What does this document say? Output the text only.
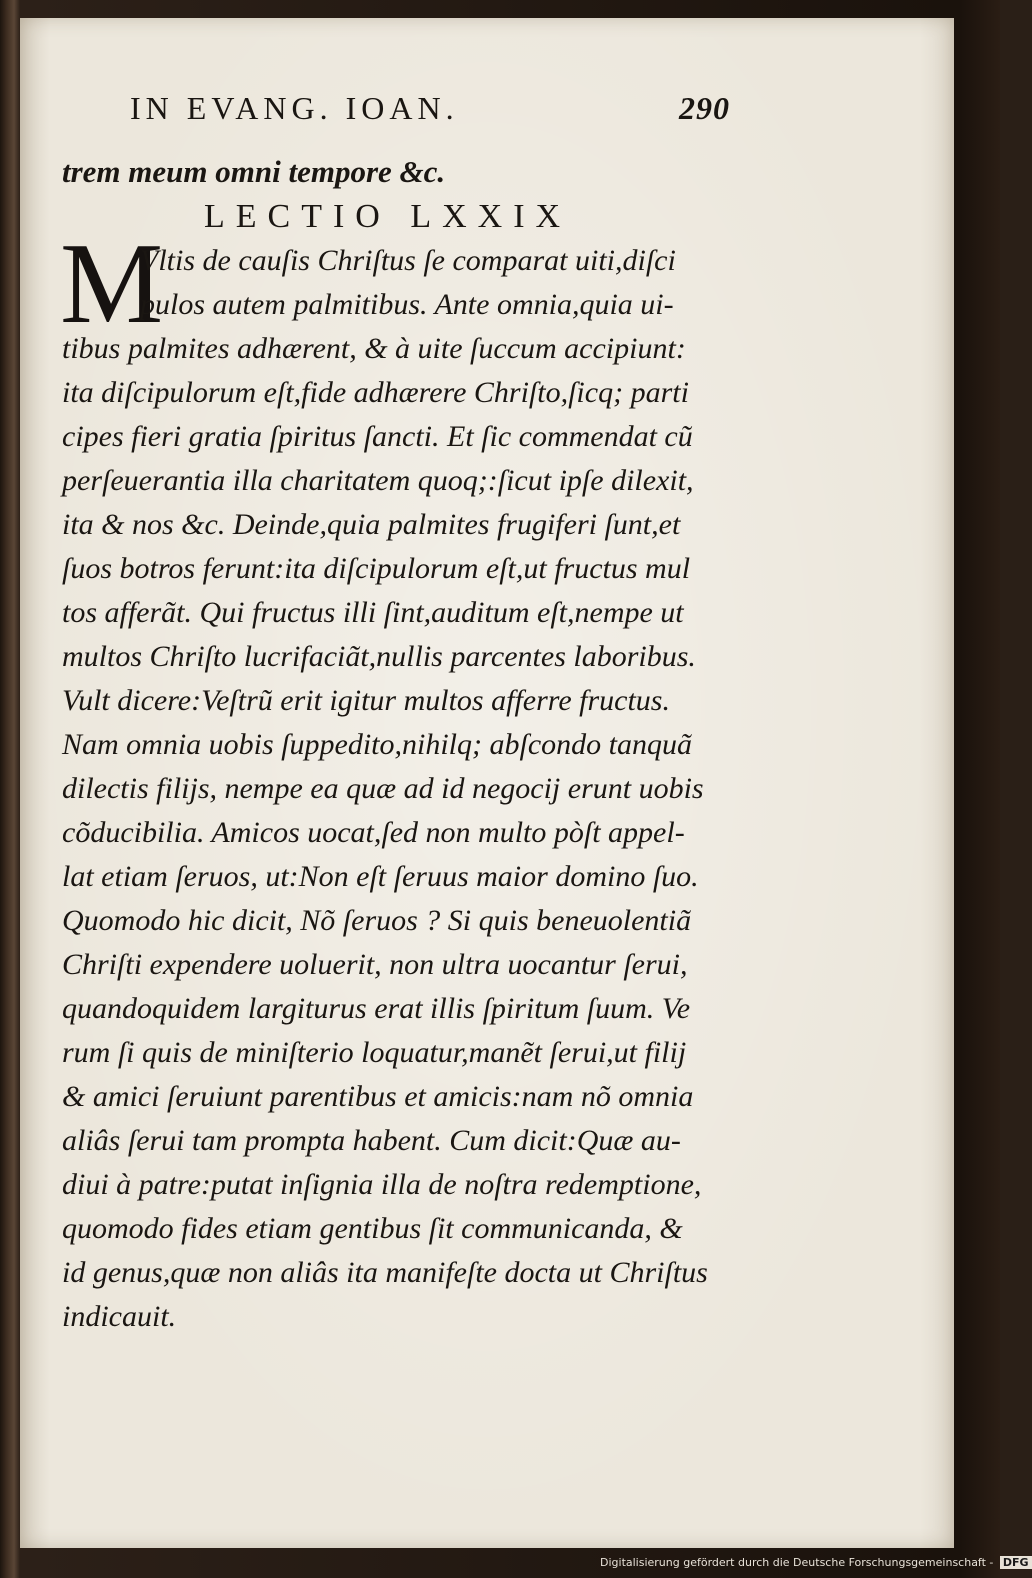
IN EVANG. IOAN.	290
trem meum omni tempore &c.
LECTIO LXXIX
M
Vltis de cauſis Chriſtus ſe comparat uiti,diſci
pulos autem palmitibus. Ante omnia,quia ui-
tibus palmites adhærent, & à uite ſuccum accipiunt:
ita diſcipulorum eſt,fide adhærere Chriſto,ſicq; parti
cipes fieri gratia ſpiritus ſancti. Et ſic commendat cũ
perſeuerantia illa charitatem quoq;:ſicut ipſe dilexit,
ita & nos &c. Deinde,quia palmites frugiferi ſunt,et
ſuos botros ferunt:ita diſcipulorum eſt,ut fructus mul
tos afferãt. Qui fructus illi ſint,auditum eſt,nempe ut
multos Chriſto lucrifaciãt,nullis parcentes laboribus.
Vult dicere:Veſtrũ erit igitur multos afferre fructus.
Nam omnia uobis ſuppedito,nihilq; abſcondo tanquã
dilectis filijs, nempe ea quæ ad id negocij erunt uobis
cõducibilia. Amicos uocat,ſed non multo pòſt appel-
lat etiam ſeruos, ut:Non eſt ſeruus maior domino ſuo.
Quomodo hic dicit, Nõ ſeruos ? Si quis beneuolentiã
Chriſti expendere uoluerit, non ultra uocantur ſerui,
quandoquidem largiturus erat illis ſpiritum ſuum. Ve
rum ſi quis de miniſterio loquatur,manẽt ſerui,ut filij
& amici ſeruiunt parentibus et amicis:nam nõ omnia
aliâs ſerui tam prompta habent. Cum dicit:Quæ au-
diui à patre:putat inſignia illa de noſtra redemptione,
quomodo fides etiam gentibus ſit communicanda, &
id genus,quæ non aliâs ita manifeſte docta ut Chriſtus
indicauit.
Digitalisierung gefördert durch die Deutsche Forschungsgemeinschaft - DFG
